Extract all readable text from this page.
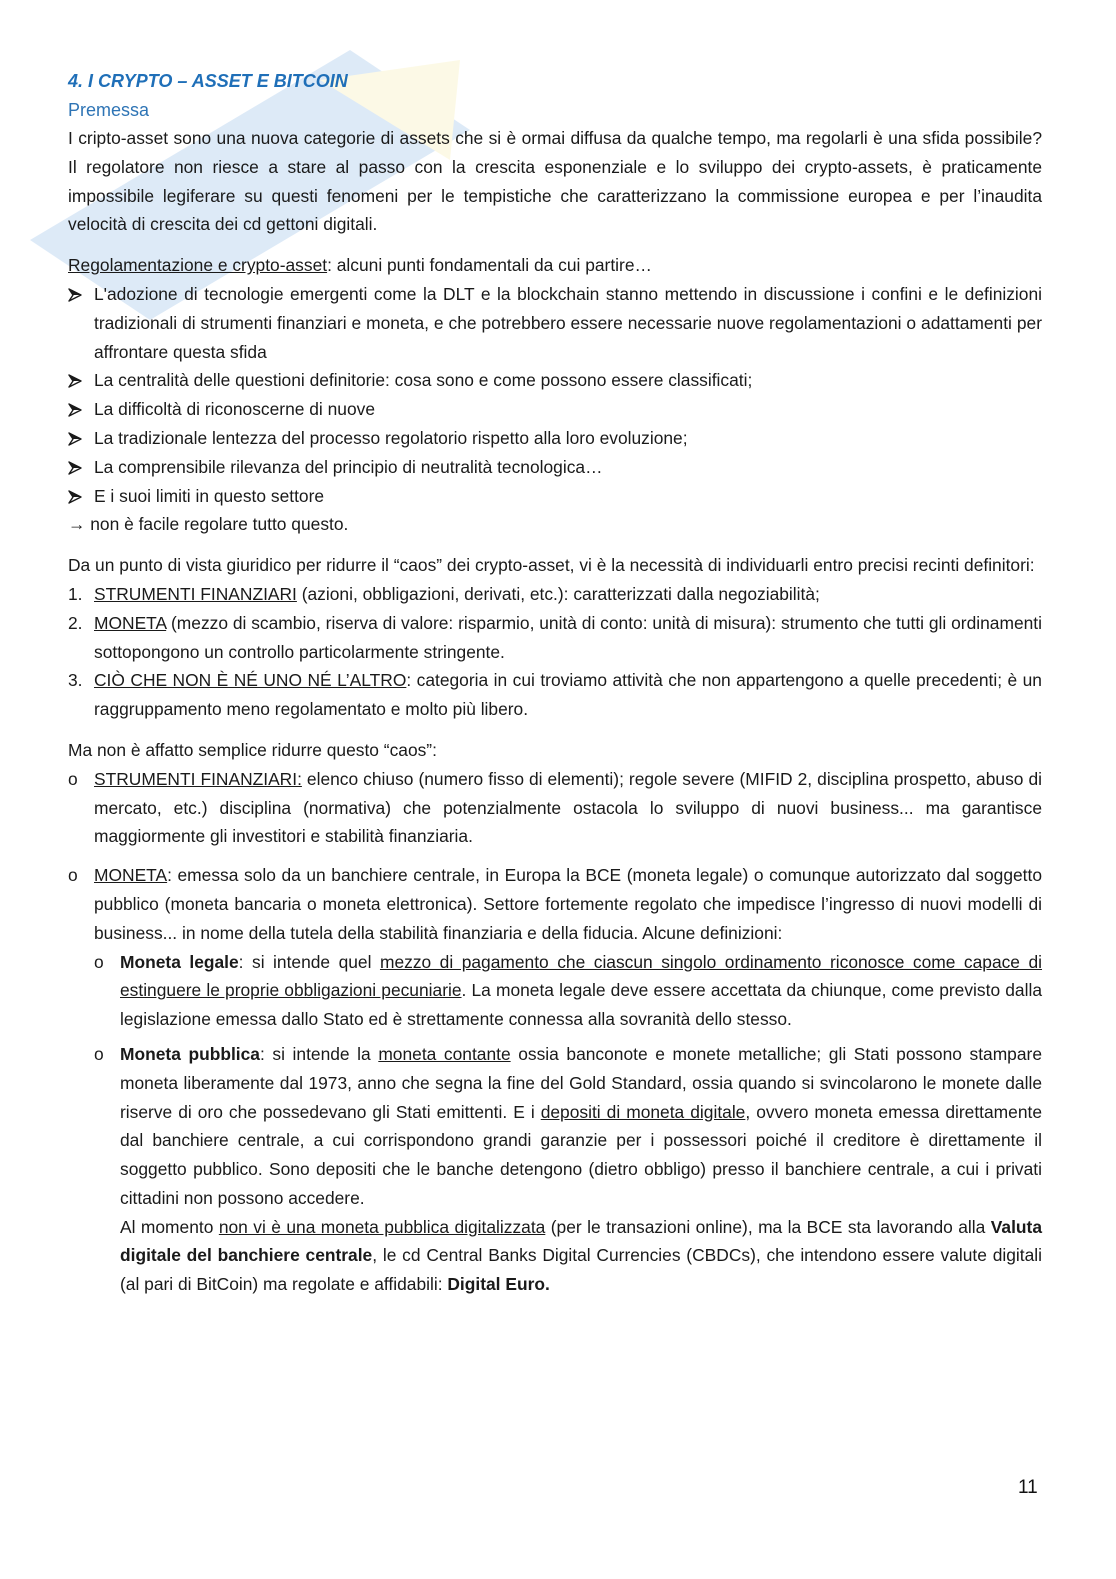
4. I CRYPTO – ASSET E BITCOIN
Premessa

I cripto-asset sono una nuova categorie di assets che si è ormai diffusa da qualche tempo, ma regolarli è una sfida possibile? Il regolatore non riesce a stare al passo con la crescita esponenziale e lo sviluppo dei crypto-assets, è praticamente impossibile legiferare su questi fenomeni per le tempistiche che caratterizzano la commissione europea e per l’inaudita velocità di crescita dei cd gettoni digitali.

Regolamentazione e crypto-asset: alcuni punti fondamentali da cui partire…

L'adozione di tecnologie emergenti come la DLT e la blockchain stanno mettendo in discussione i confini e le definizioni tradizionali di strumenti finanziari e moneta, e che potrebbero essere necessarie nuove regolamentazioni o adattamenti per affrontare questa sfida
La centralità delle questioni definitorie: cosa sono e come possono essere classificati;
La difficoltà di riconoscerne di nuove
La tradizionale lentezza del processo regolatorio rispetto alla loro evoluzione;
La comprensibile rilevanza del principio di neutralità tecnologica…
E i suoi limiti in questo settore

→ non è facile regolare tutto questo.

Da un punto di vista giuridico per ridurre il “caos” dei crypto-asset, vi è la necessità di individuarli entro precisi recinti definitori:

1. STRUMENTI FINANZIARI (azioni, obbligazioni, derivati, etc.): caratterizzati dalla negoziabilità;
2. MONETA (mezzo di scambio, riserva di valore: risparmio, unità di conto: unità di misura): strumento che tutti gli ordinamenti sottopongono un controllo particolarmente stringente.
3. CIÒ CHE NON È NÉ UNO NÉ L’ALTRO: categoria in cui troviamo attività che non appartengono a quelle precedenti; è un raggruppamento meno regolamentato e molto più libero.

Ma non è affatto semplice ridurre questo “caos”:

o STRUMENTI FINANZIARI: elenco chiuso (numero fisso di elementi); regole severe (MIFID 2, disciplina prospetto, abuso di mercato, etc.) disciplina (normativa) che potenzialmente ostacola lo sviluppo di nuovi business... ma garantisce maggiormente gli investitori e stabilità finanziaria.
o MONETA: emessa solo da un banchiere centrale, in Europa la BCE (moneta legale) o comunque autorizzato dal soggetto pubblico (moneta bancaria o moneta elettronica). Settore fortemente regolato che impedisce l’ingresso di nuovi modelli di business... in nome della tutela della stabilità finanziaria e della fiducia. Alcune definizioni:
o Moneta legale: si intende quel mezzo di pagamento che ciascun singolo ordinamento riconosce come capace di estinguere le proprie obbligazioni pecuniarie. La moneta legale deve essere accettata da chiunque, come previsto dalla legislazione emessa dallo Stato ed è strettamente connessa alla sovranità dello stesso.
o Moneta pubblica: si intende la moneta contante ossia banconote e monete metalliche; gli Stati possono stampare moneta liberamente dal 1973, anno che segna la fine del Gold Standard, ossia quando si svincolarono le monete dalle riserve di oro che possedevano gli Stati emittenti. E i depositi di moneta digitale, ovvero moneta emessa direttamente dal banchiere centrale, a cui corrispondono grandi garanzie per i possessori poiché il creditore è direttamente il soggetto pubblico. Sono depositi che le banche detengono (dietro obbligo) presso il banchiere centrale, a cui i privati cittadini non possono accedere.
Al momento non vi è una moneta pubblica digitalizzata (per le transazioni online), ma la BCE sta lavorando alla Valuta digitale del banchiere centrale, le cd Central Banks Digital Currencies (CBDCs), che intendono essere valute digitali (al pari di BitCoin) ma regolate e affidabili: Digital Euro.
11
